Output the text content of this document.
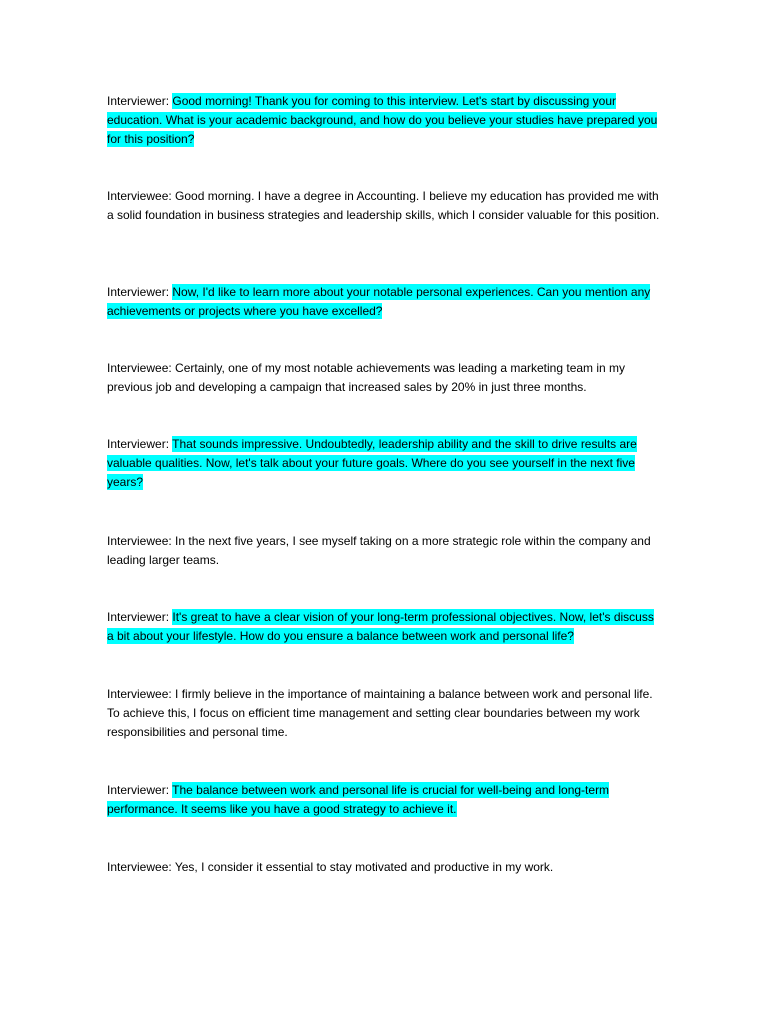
Interviewer: Good morning! Thank you for coming to this interview. Let's start by discussing your education. What is your academic background, and how do you believe your studies have prepared you for this position?

Interviewee: Good morning. I have a degree in Accounting. I believe my education has provided me with a solid foundation in business strategies and leadership skills, which I consider valuable for this position.

Interviewer: Now, I'd like to learn more about your notable personal experiences. Can you mention any achievements or projects where you have excelled?

Interviewee: Certainly, one of my most notable achievements was leading a marketing team in my previous job and developing a campaign that increased sales by 20% in just three months.

Interviewer: That sounds impressive. Undoubtedly, leadership ability and the skill to drive results are valuable qualities. Now, let's talk about your future goals. Where do you see yourself in the next five years?

Interviewee: In the next five years, I see myself taking on a more strategic role within the company and leading larger teams.

Interviewer: It's great to have a clear vision of your long-term professional objectives. Now, let's discuss a bit about your lifestyle. How do you ensure a balance between work and personal life?

Interviewee: I firmly believe in the importance of maintaining a balance between work and personal life. To achieve this, I focus on efficient time management and setting clear boundaries between my work responsibilities and personal time.

Interviewer: The balance between work and personal life is crucial for well-being and long-term performance. It seems like you have a good strategy to achieve it.

Interviewee: Yes, I consider it essential to stay motivated and productive in my work.
